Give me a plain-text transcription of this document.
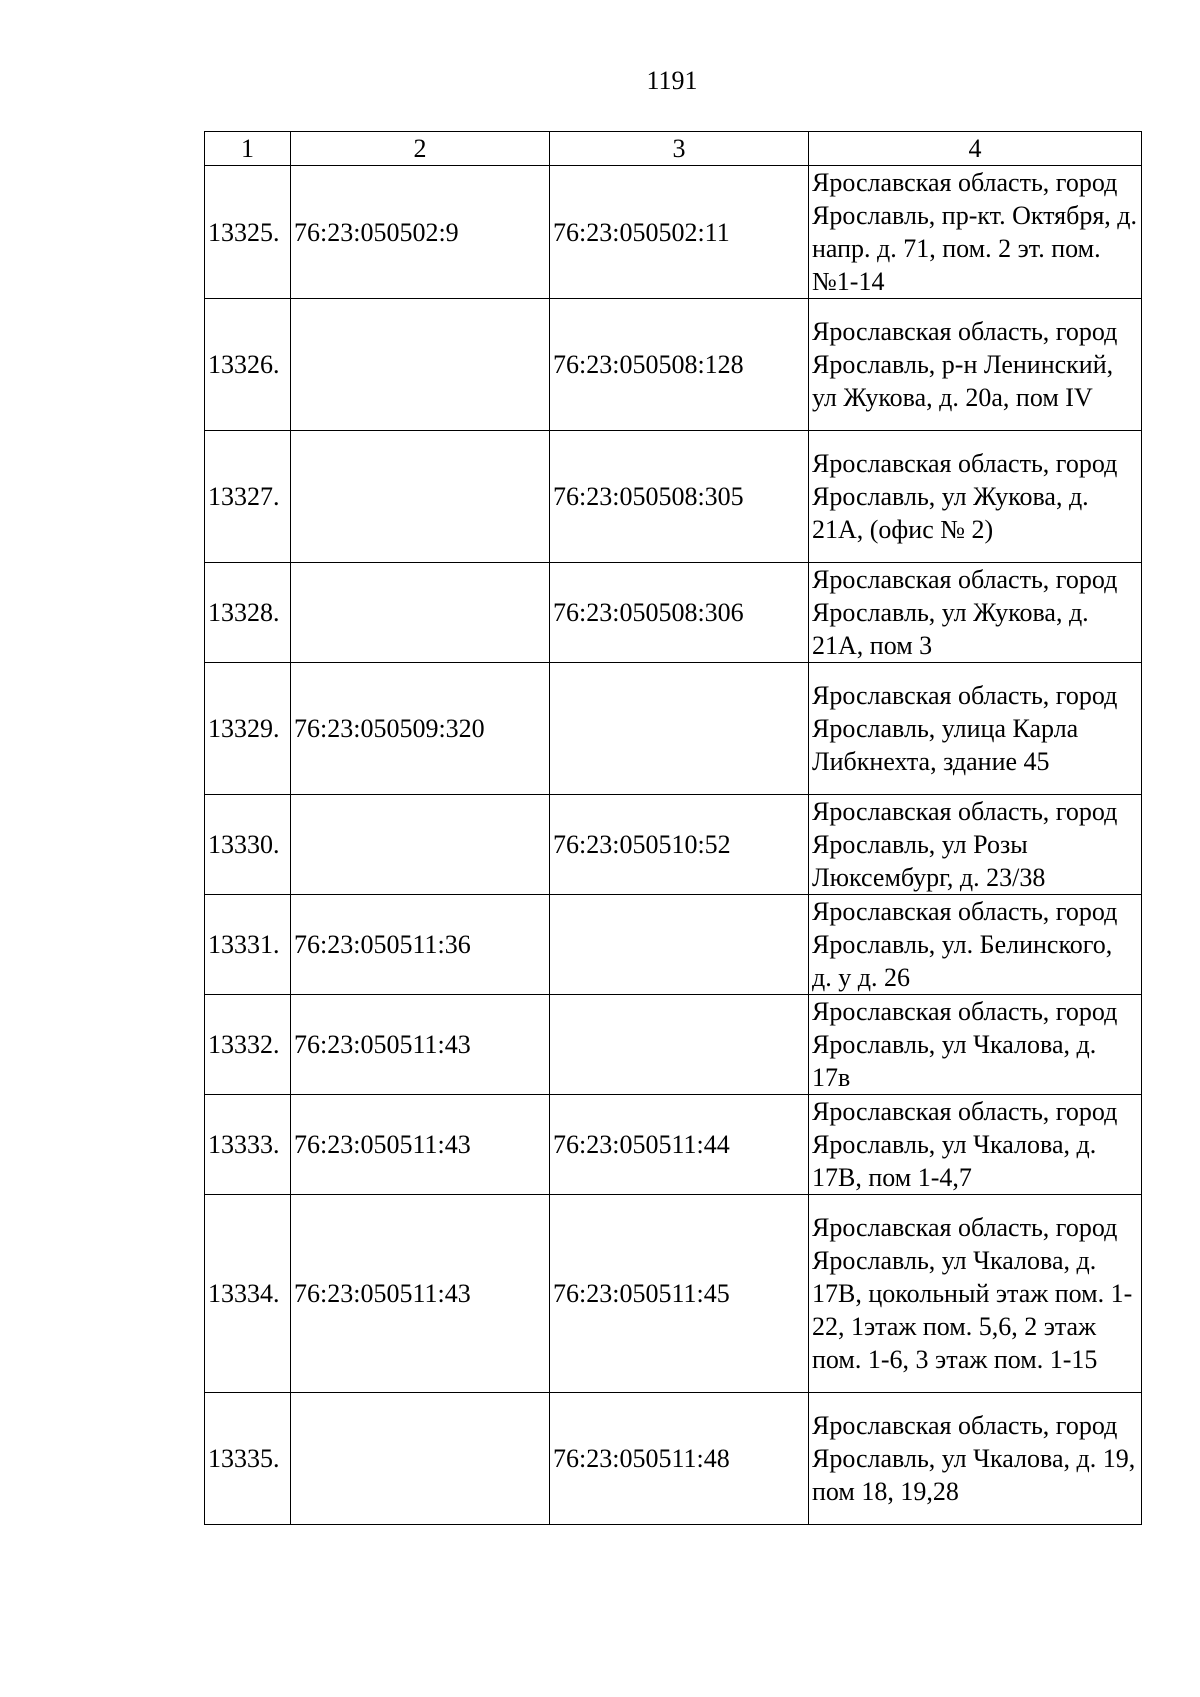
1191
1	2	3	4
13325.	76:23:050502:9	76:23:050502:11	Ярославская область, город Ярославль, пр-кт. Октября, д. напр. д. 71, пом. 2 эт. пом. №1-14
13326.		76:23:050508:128	Ярославская область, город Ярославль, р-н Ленинский, ул Жукова, д. 20а, пом IV
13327.		76:23:050508:305	Ярославская область, город Ярославль, ул Жукова, д. 21А, (офис № 2)
13328.		76:23:050508:306	Ярославская область, город Ярославль, ул Жукова, д. 21А, пом 3
13329.	76:23:050509:320		Ярославская область, город Ярославль, улица Карла Либкнехта, здание 45
13330.		76:23:050510:52	Ярославская область, город Ярославль, ул Розы Люксембург, д. 23/38
13331.	76:23:050511:36		Ярославская область, город Ярославль, ул. Белинского, д. у д. 26
13332.	76:23:050511:43		Ярославская область, город Ярославль, ул Чкалова, д. 17в
13333.	76:23:050511:43	76:23:050511:44	Ярославская область, город Ярославль, ул Чкалова, д. 17В, пом 1-4,7
13334.	76:23:050511:43	76:23:050511:45	Ярославская область, город Ярославль, ул Чкалова, д. 17В, цокольный этаж пом. 1-22, 1этаж пом. 5,6, 2 этаж пом. 1-6, 3 этаж пом. 1-15
13335.		76:23:050511:48	Ярославская область, город Ярославль, ул Чкалова, д. 19, пом 18, 19,28
